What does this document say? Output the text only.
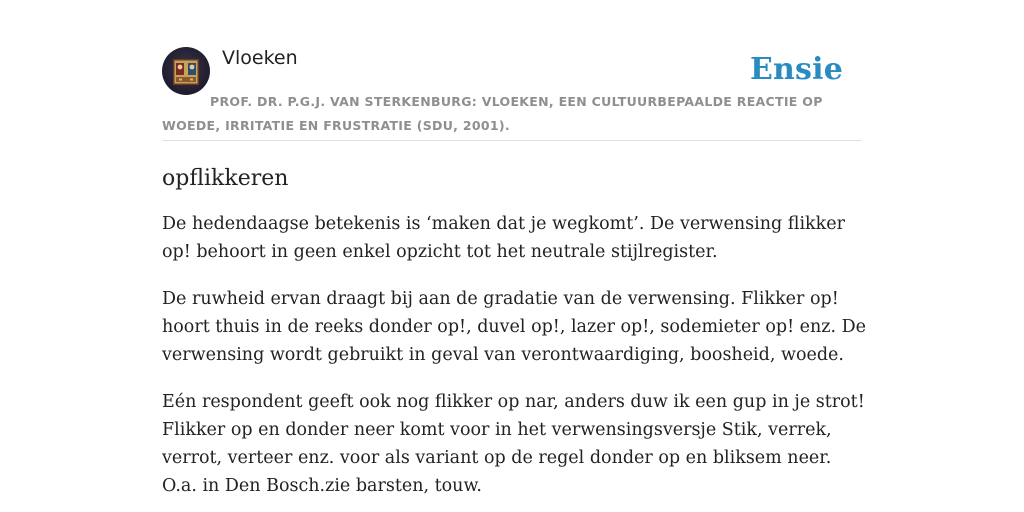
Vloeken	Ensie
PROF. DR. P.G.J. VAN STERKENBURG: VLOEKEN, EEN CULTUURBEPAALDE REACTIE OP WOEDE, IRRITATIE EN FRUSTRATIE (SDU, 2001).
opflikkeren

De hedendaagse betekenis is ‘maken dat je wegkomt’. De verwensing flikker op! behoort in geen enkel opzicht tot het neutrale stijlregister.

De ruwheid ervan draagt bij aan de gradatie van de verwensing. Flikker op! hoort thuis in de reeks donder op!, duvel op!, lazer op!, sodemieter op! enz. De verwensing wordt gebruikt in geval van verontwaardiging, boosheid, woede.

Eén respondent geeft ook nog flikker op nar, anders duw ik een gup in je strot! Flikker op en donder neer komt voor in het verwensingsversje Stik, verrek, verrot, verteer enz. voor als variant op de regel donder op en bliksem neer. O.a. in Den Bosch.zie barsten, touw.
